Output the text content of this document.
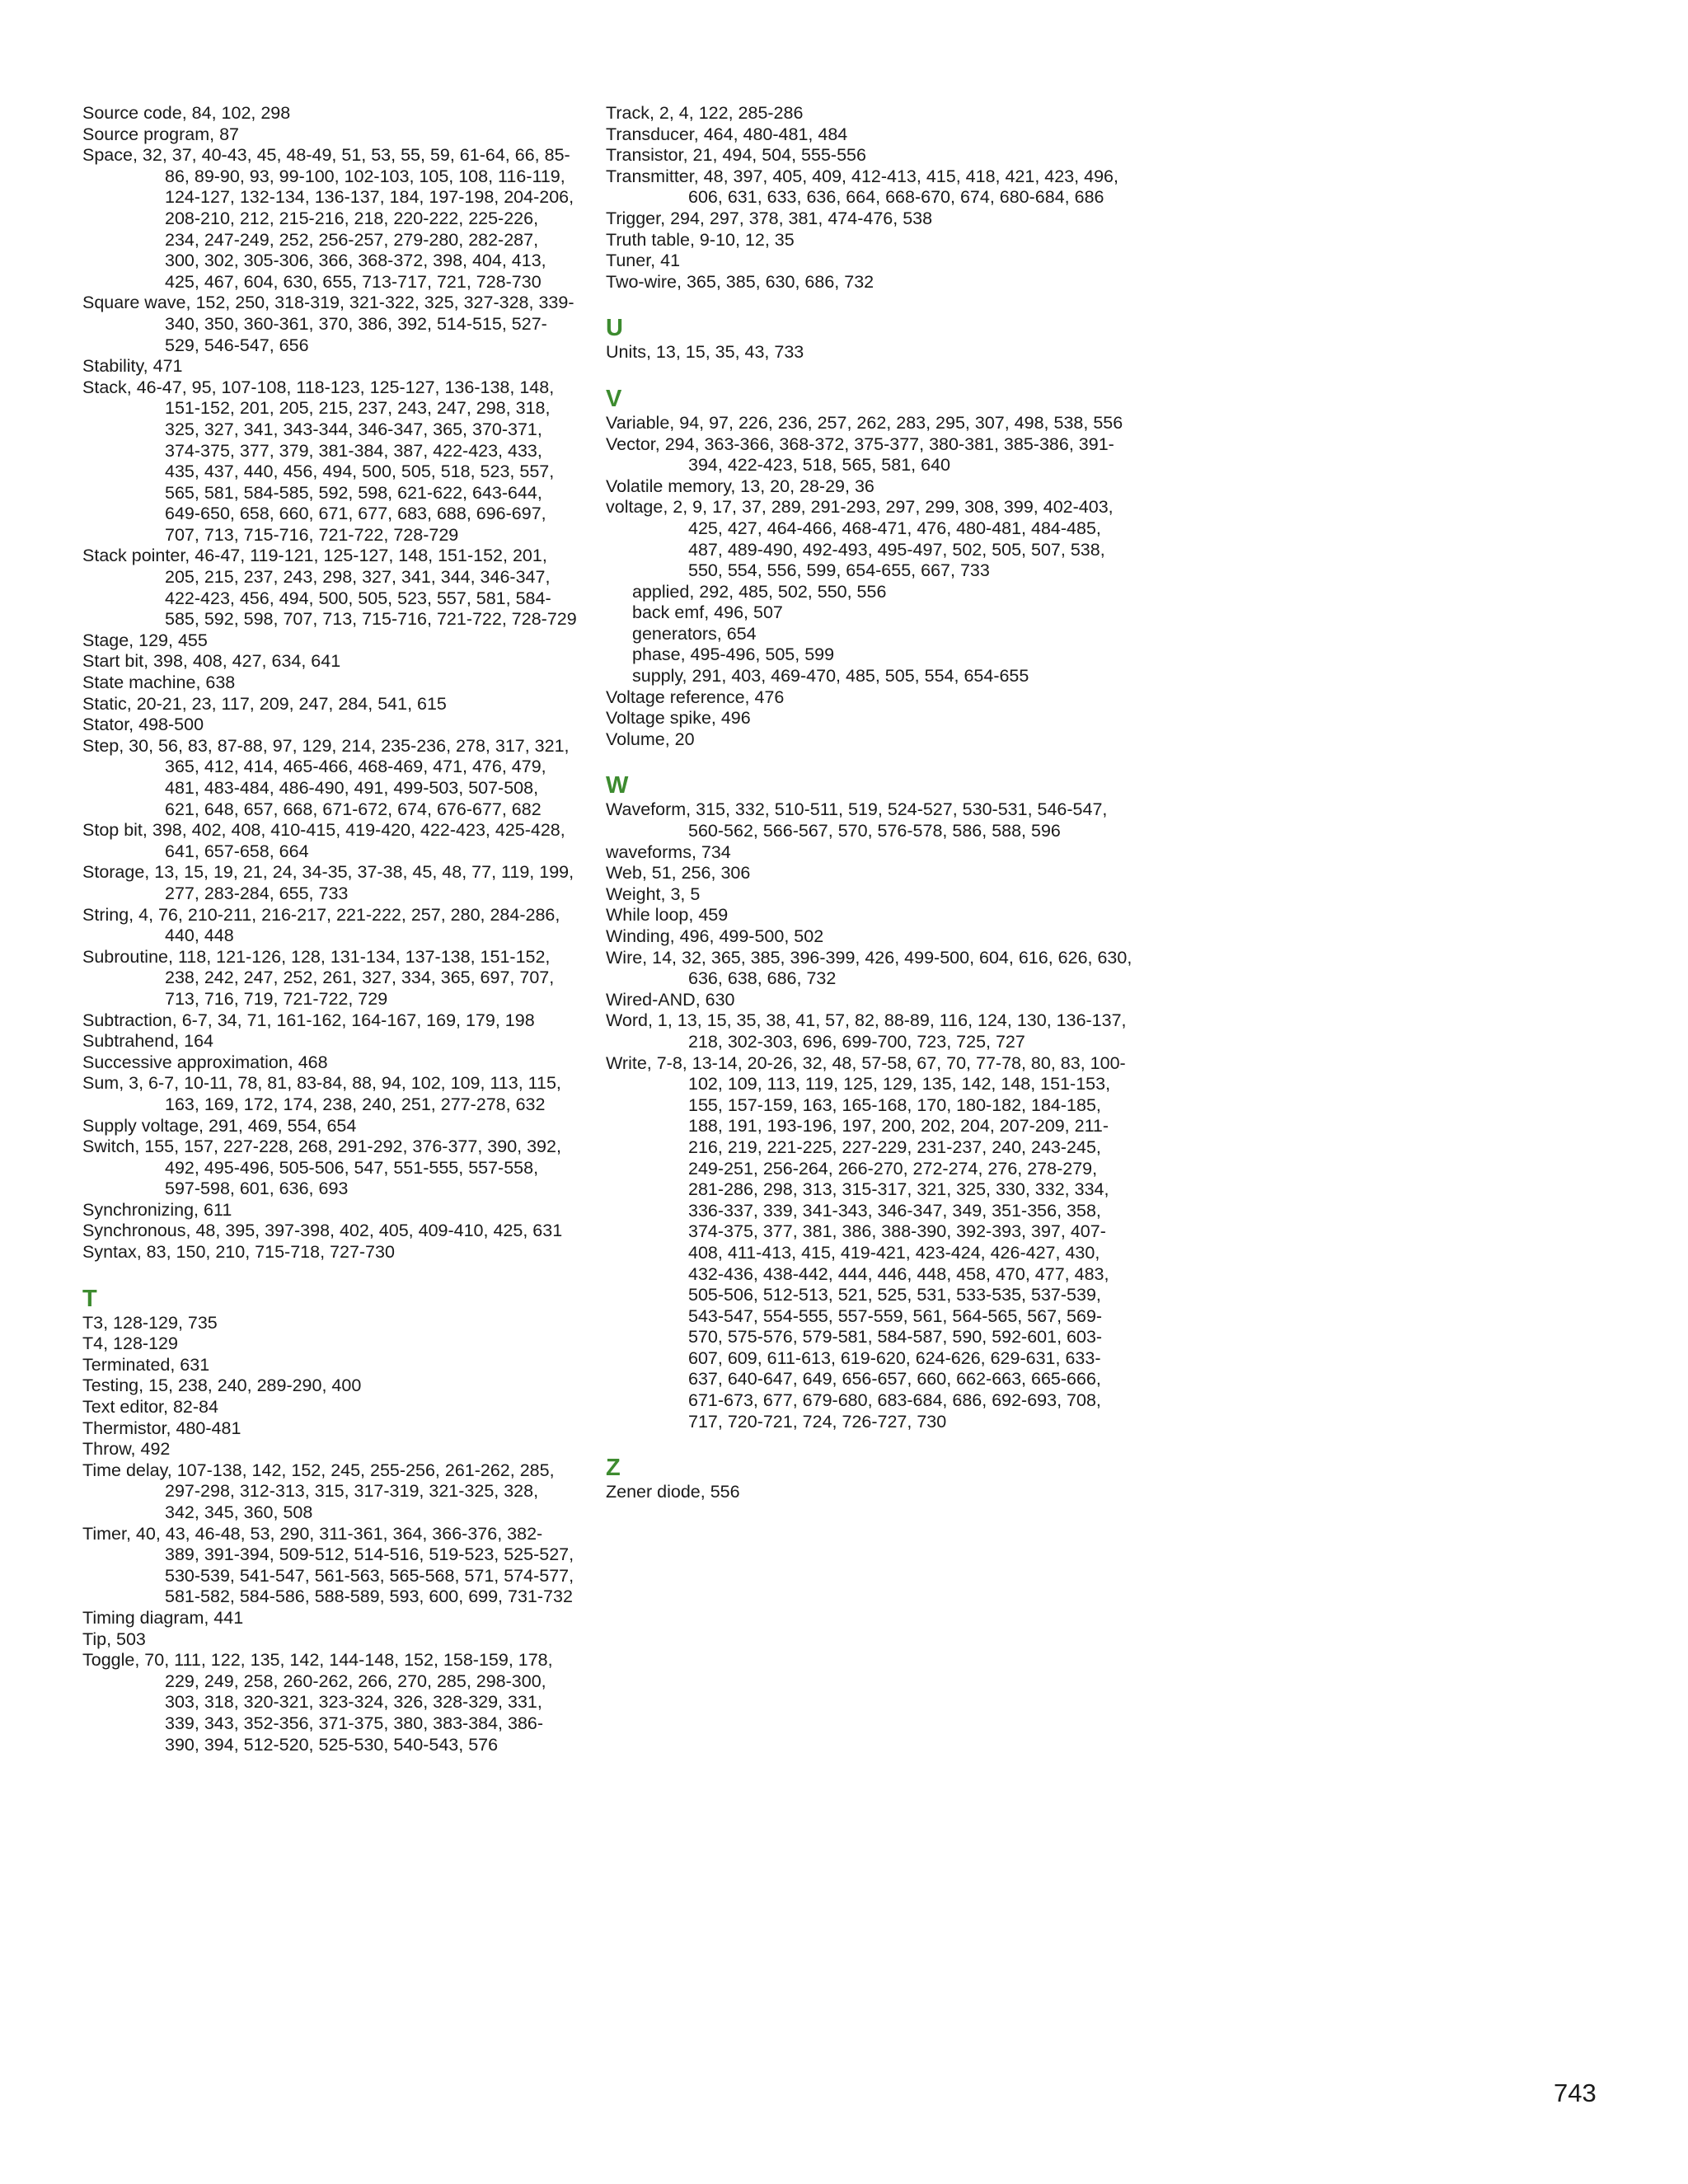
Source code, 84, 102, 298
Source program, 87
Space, 32, 37, 40-43, 45, 48-49, 51, 53, 55, 59, 61-64, 66, 85-86, 89-90, 93, 99-100, 102-103, 105, 108, 116-119, 124-127, 132-134, 136-137, 184, 197-198, 204-206, 208-210, 212, 215-216, 218, 220-222, 225-226, 234, 247-249, 252, 256-257, 279-280, 282-287, 300, 302, 305-306, 366, 368-372, 398, 404, 413, 425, 467, 604, 630, 655, 713-717, 721, 728-730
Square wave, 152, 250, 318-319, 321-322, 325, 327-328, 339-340, 350, 360-361, 370, 386, 392, 514-515, 527-529, 546-547, 656
Stability, 471
Stack, 46-47, 95, 107-108, 118-123, 125-127, 136-138, 148, 151-152, 201, 205, 215, 237, 243, 247, 298, 318, 325, 327, 341, 343-344, 346-347, 365, 370-371, 374-375, 377, 379, 381-384, 387, 422-423, 433, 435, 437, 440, 456, 494, 500, 505, 518, 523, 557, 565, 581, 584-585, 592, 598, 621-622, 643-644, 649-650, 658, 660, 671, 677, 683, 688, 696-697, 707, 713, 715-716, 721-722, 728-729
Stack pointer, 46-47, 119-121, 125-127, 148, 151-152, 201, 205, 215, 237, 243, 298, 327, 341, 344, 346-347, 422-423, 456, 494, 500, 505, 523, 557, 581, 584-585, 592, 598, 707, 713, 715-716, 721-722, 728-729
Stage, 129, 455
Start bit, 398, 408, 427, 634, 641
State machine, 638
Static, 20-21, 23, 117, 209, 247, 284, 541, 615
Stator, 498-500
Step, 30, 56, 83, 87-88, 97, 129, 214, 235-236, 278, 317, 321, 365, 412, 414, 465-466, 468-469, 471, 476, 479, 481, 483-484, 486-490, 491, 499-503, 507-508, 621, 648, 657, 668, 671-672, 674, 676-677, 682
Stop bit, 398, 402, 408, 410-415, 419-420, 422-423, 425-428, 641, 657-658, 664
Storage, 13, 15, 19, 21, 24, 34-35, 37-38, 45, 48, 77, 119, 199, 277, 283-284, 655, 733
String, 4, 76, 210-211, 216-217, 221-222, 257, 280, 284-286, 440, 448
Subroutine, 118, 121-126, 128, 131-134, 137-138, 151-152, 238, 242, 247, 252, 261, 327, 334, 365, 697, 707, 713, 716, 719, 721-722, 729
Subtraction, 6-7, 34, 71, 161-162, 164-167, 169, 179, 198
Subtrahend, 164
Successive approximation, 468
Sum, 3, 6-7, 10-11, 78, 81, 83-84, 88, 94, 102, 109, 113, 115, 163, 169, 172, 174, 238, 240, 251, 277-278, 632
Supply voltage, 291, 469, 554, 654
Switch, 155, 157, 227-228, 268, 291-292, 376-377, 390, 392, 492, 495-496, 505-506, 547, 551-555, 557-558, 597-598, 601, 636, 693
Synchronizing, 611
Synchronous, 48, 395, 397-398, 402, 405, 409-410, 425, 631
Syntax, 83, 150, 210, 715-718, 727-730
T
T3, 128-129, 735
T4, 128-129
Terminated, 631
Testing, 15, 238, 240, 289-290, 400
Text editor, 82-84
Thermistor, 480-481
Throw, 492
Time delay, 107-138, 142, 152, 245, 255-256, 261-262, 285, 297-298, 312-313, 315, 317-319, 321-325, 328, 342, 345, 360, 508
Timer, 40, 43, 46-48, 53, 290, 311-361, 364, 366-376, 382-389, 391-394, 509-512, 514-516, 519-523, 525-527, 530-539, 541-547, 561-563, 565-568, 571, 574-577, 581-582, 584-586, 588-589, 593, 600, 699, 731-732
Timing diagram, 441
Tip, 503
Toggle, 70, 111, 122, 135, 142, 144-148, 152, 158-159, 178, 229, 249, 258, 260-262, 266, 270, 285, 298-300, 303, 318, 320-321, 323-324, 326, 328-329, 331, 339, 343, 352-356, 371-375, 380, 383-384, 386-390, 394, 512-520, 525-530, 540-543, 576
Track, 2, 4, 122, 285-286
Transducer, 464, 480-481, 484
Transistor, 21, 494, 504, 555-556
Transmitter, 48, 397, 405, 409, 412-413, 415, 418, 421, 423, 496, 606, 631, 633, 636, 664, 668-670, 674, 680-684, 686
Trigger, 294, 297, 378, 381, 474-476, 538
Truth table, 9-10, 12, 35
Tuner, 41
Two-wire, 365, 385, 630, 686, 732
U
Units, 13, 15, 35, 43, 733
V
Variable, 94, 97, 226, 236, 257, 262, 283, 295, 307, 498, 538, 556
Vector, 294, 363-366, 368-372, 375-377, 380-381, 385-386, 391-394, 422-423, 518, 565, 581, 640
Volatile memory, 13, 20, 28-29, 36
voltage, 2, 9, 17, 37, 289, 291-293, 297, 299, 308, 399, 402-403, 425, 427, 464-466, 468-471, 476, 480-481, 484-485, 487, 489-490, 492-493, 495-497, 502, 505, 507, 538, 550, 554, 556, 599, 654-655, 667, 733
applied, 292, 485, 502, 550, 556
back emf, 496, 507
generators, 654
phase, 495-496, 505, 599
supply, 291, 403, 469-470, 485, 505, 554, 654-655
Voltage reference, 476
Voltage spike, 496
Volume, 20
W
Waveform, 315, 332, 510-511, 519, 524-527, 530-531, 546-547, 560-562, 566-567, 570, 576-578, 586, 588, 596
waveforms, 734
Web, 51, 256, 306
Weight, 3, 5
While loop, 459
Winding, 496, 499-500, 502
Wire, 14, 32, 365, 385, 396-399, 426, 499-500, 604, 616, 626, 630, 636, 638, 686, 732
Wired-AND, 630
Word, 1, 13, 15, 35, 38, 41, 57, 82, 88-89, 116, 124, 130, 136-137, 218, 302-303, 696, 699-700, 723, 725, 727
Write, 7-8, 13-14, 20-26, 32, 48, 57-58, 67, 70, 77-78, 80, 83, 100-102, 109, 113, 119, 125, 129, 135, 142, 148, 151-153, 155, 157-159, 163, 165-168, 170, 180-182, 184-185, 188, 191, 193-196, 197, 200, 202, 204, 207-209, 211-216, 219, 221-225, 227-229, 231-237, 240, 243-245, 249-251, 256-264, 266-270, 272-274, 276, 278-279, 281-286, 298, 313, 315-317, 321, 325, 330, 332, 334, 336-337, 339, 341-343, 346-347, 349, 351-356, 358, 374-375, 377, 381, 386, 388-390, 392-393, 397, 407-408, 411-413, 415, 419-421, 423-424, 426-427, 430, 432-436, 438-442, 444, 446, 448, 458, 470, 477, 483, 505-506, 512-513, 521, 525, 531, 533-535, 537-539, 543-547, 554-555, 557-559, 561, 564-565, 567, 569-570, 575-576, 579-581, 584-587, 590, 592-601, 603-607, 609, 611-613, 619-620, 624-626, 629-631, 633-637, 640-647, 649, 656-657, 660, 662-663, 665-666, 671-673, 677, 679-680, 683-684, 686, 692-693, 708, 717, 720-721, 724, 726-727, 730
Z
Zener diode, 556
743
